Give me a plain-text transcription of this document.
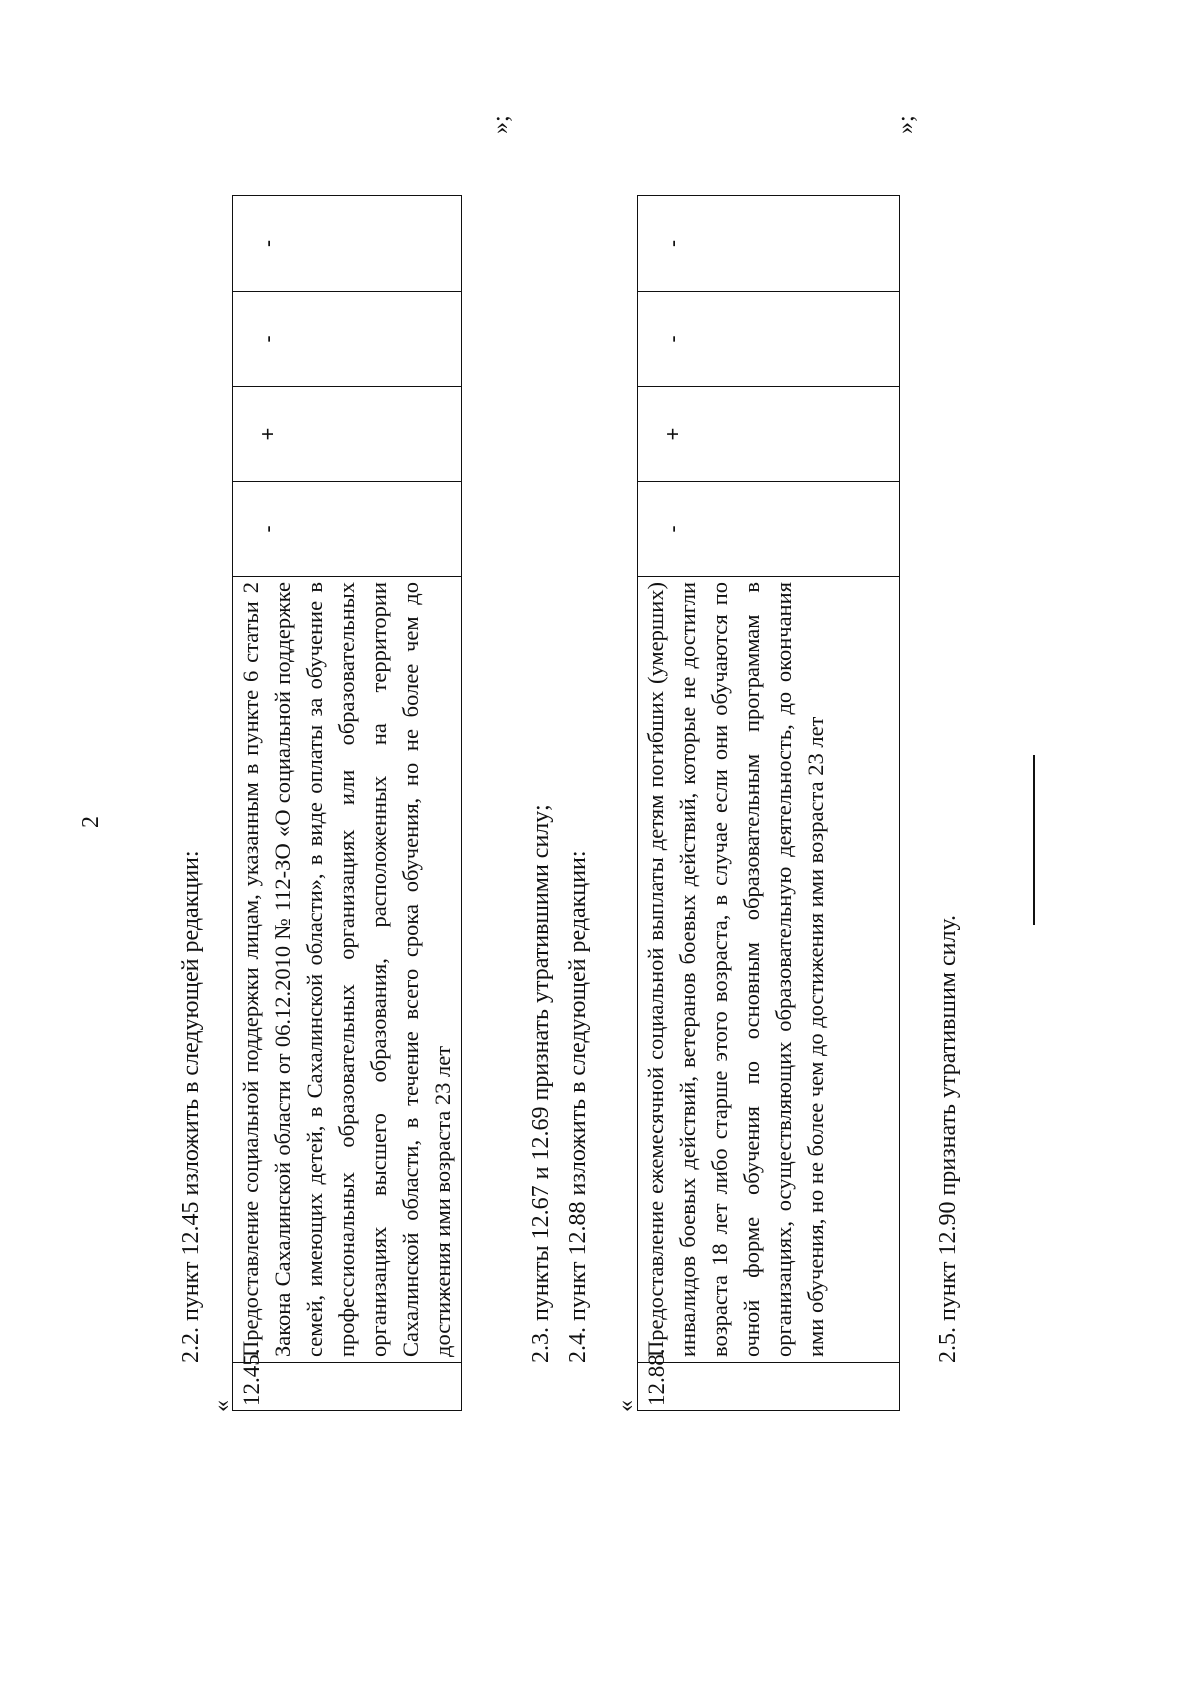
2
2.2. пункт 12.45 изложить в следующей редакции:
« 12.45.	Предоставление социальной поддержки лицам, указанным в пункте 6 статьи 2 Закона Сахалинской области от 06.12.2010 № 112-ЗО «О социальной поддержке семей, имеющих детей, в Сахалинской области», в виде оплаты за обучение в профессиональных образовательных организациях или образовательных организациях высшего образования, расположенных на территории Сахалинской области, в течение всего срока обучения, но не более чем до достижения ими возраста 23 лет	-	+	-	-
»;
2.3. пункты 12.67 и 12.69 признать утратившими силу; 2.4. пункт 12.88 изложить в следующей редакции:
« 12.88.	Предоставление ежемесячной социальной выплаты детям погибших (умерших) инвалидов боевых действий, ветеранов боевых действий, которые не достигли возраста 18 лет либо старше этого возраста, в случае если они обучаются по очной форме обучения по основным образовательным программам в организациях, осуществляющих образовательную деятельность, до окончания ими обучения, но не более чем до достижения ими возраста 23 лет	-	+	-	-
»;
2.5. пункт 12.90 признать утратившим силу.
